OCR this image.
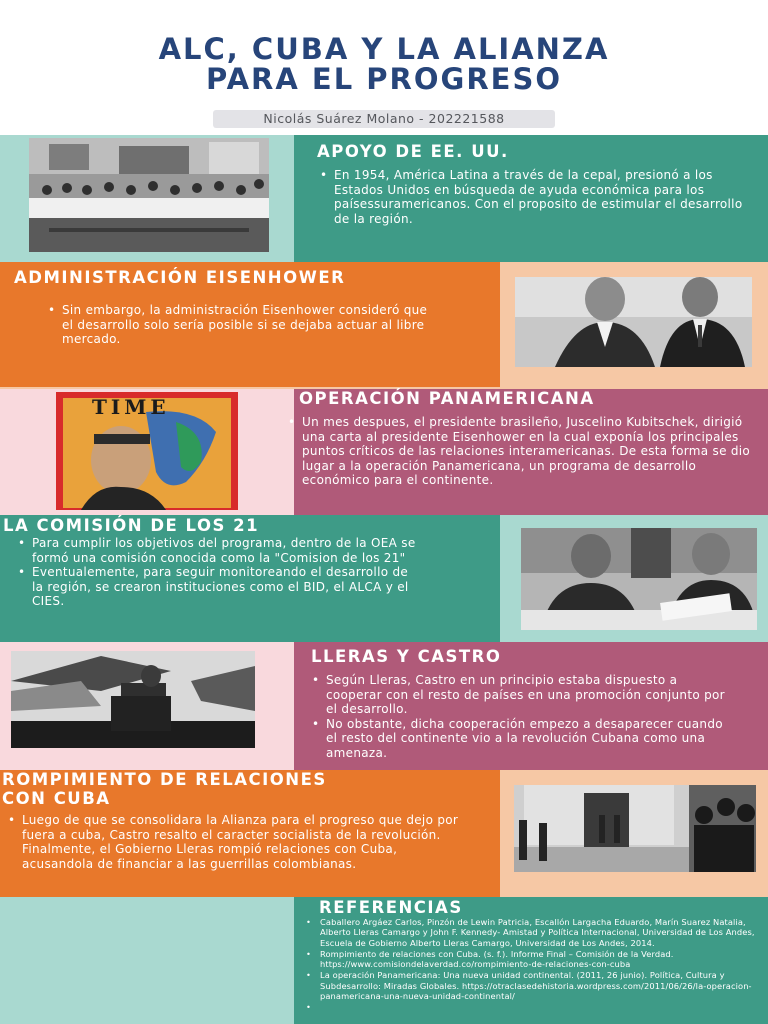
ALC, CUBA Y LA ALIANZA
PARA EL PROGRESO
Nicolás Suárez Molano - 202221588
APOYO DE EE. UU.
• En 1954, América Latina a través de la cepal, presionó a los Estados Unidos en búsqueda de ayuda económica para los paísessuramericanos. Con el proposito de estimular el desarrollo de la región.
ADMINISTRACIÓN EISENHOWER
• Sin embargo, la administración Eisenhower consideró que el desarrollo solo sería posible si se dejaba actuar al libre mercado.
TIME	OPERACIÓN PANAMERICANA
• Un mes despues, el presidente brasileño, Juscelino Kubitschek, dirigió una carta al presidente Eisenhower en la cual exponía los principales puntos críticos de las relaciones interamericanas. De esta forma se dio lugar a la operación Panamericana, un programa de desarrollo económico para el continente.
LA COMISIÓN DE LOS 21
• Para cumplir los objetivos del programa, dentro de la OEA se formó una comisión conocida como la "Comision de los 21"
• Eventualemente, para seguir monitoreando el desarrollo de la región, se crearon instituciones como el BID, el ALCA y el CIES.
LLERAS Y CASTRO
• Según Lleras, Castro en un principio estaba dispuesto a cooperar con el resto de países en una promoción conjunto por el desarrollo.
• No obstante, dicha cooperación empezo a desaparecer cuando el resto del continente vio a la revolución Cubana como una amenaza.
ROMPIMIENTO DE RELACIONES
CON CUBA
• Luego de que se consolidara la Alianza para el progreso que dejo por fuera a cuba, Castro resalto el caracter socialista de la revolución. Finalmente, el Gobierno Lleras rompió relaciones con Cuba, acusandola de financiar a las guerrillas colombianas.
REFERENCIAS
• Caballero Argáez Carlos, Pinzón de Lewin Patricia, Escallón Largacha Eduardo, Marín Suarez Natalia, Alberto Lleras Camargo y John F. Kennedy- Amistad y Política Internacional, Universidad de Los Andes, Escuela de Gobierno Alberto Lleras Camargo, Universidad de Los Andes, 2014.
• Rompimiento de relaciones con Cuba. (s. f.). Informe Final – Comisión de la Verdad. https://www.comisiondelaverdad.co/rompimiento-de-relaciones-con-cuba
• La operación Panamericana: Una nueva unidad continental. (2011, 26 junio). Política, Cultura y Subdesarrollo: Miradas Globales. https://otraclasedehistoria.wordpress.com/2011/06/26/la-operacion-panamericana-una-nueva-unidad-continental/
•
